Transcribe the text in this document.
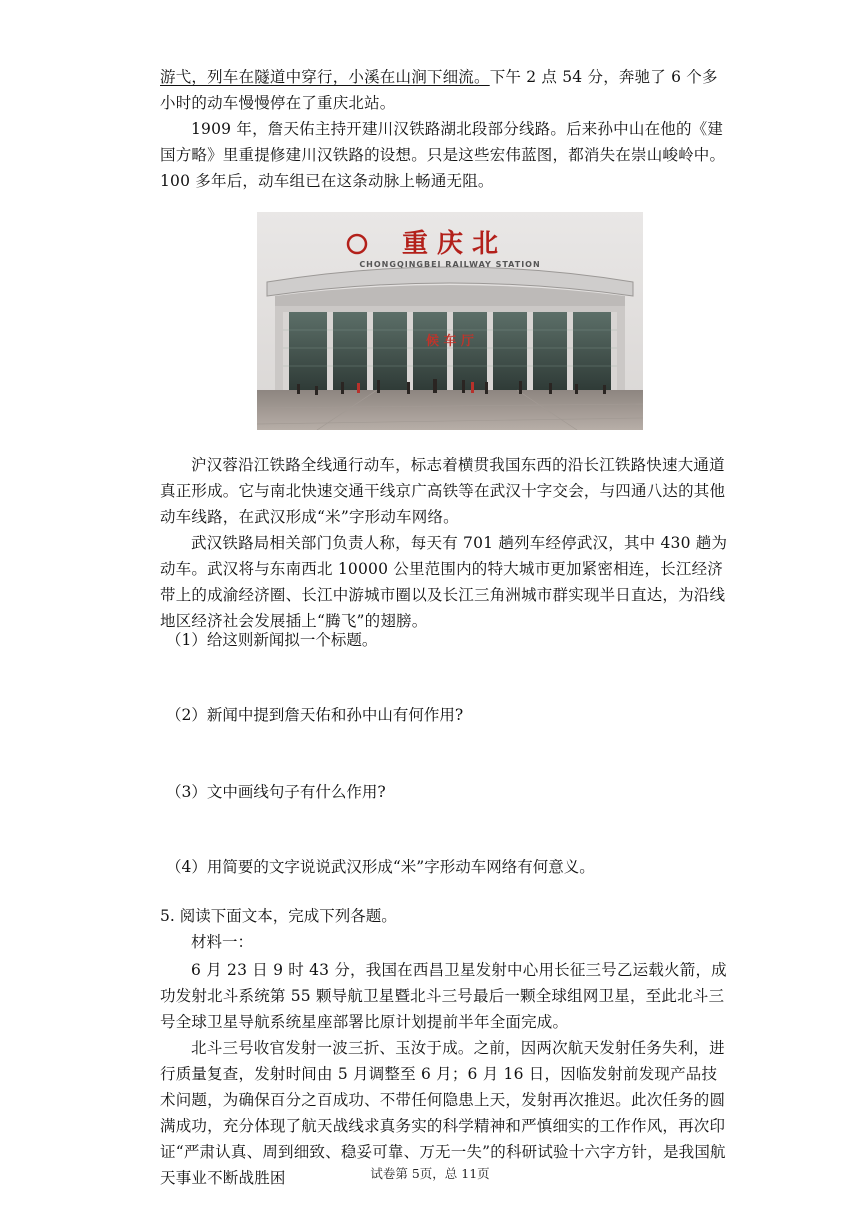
游弋，列车在隧道中穿行，小溪在山涧下细流。下午 2 点 54 分，奔驰了 6 个多小时的动车慢慢停在了重庆北站。

1909 年，詹天佑主持开建川汉铁路湖北段部分线路。后来孙中山在他的《建国方略》里重提修建川汉铁路的设想。只是这些宏伟蓝图，都消失在崇山峻岭中。100 多年后，动车组已在这条动脉上畅通无阻。

重 庆 北
CHONGQINGBEI RAILWAY STATION
候 车 厅

沪汉蓉沿江铁路全线通行动车，标志着横贯我国东西的沿长江铁路快速大通道真正形成。它与南北快速交通干线京广高铁等在武汉十字交会，与四通八达的其他动车线路，在武汉形成“米”字形动车网络。

武汉铁路局相关部门负责人称，每天有 701 趟列车经停武汉，其中 430 趟为动车。武汉将与东南西北 10000 公里范围内的特大城市更加紧密相连，长江经济带上的成渝经济圈、长江中游城市圈以及长江三角洲城市群实现半日直达，为沿线地区经济社会发展插上“腾飞”的翅膀。

（1）给这则新闻拟一个标题。

（2）新闻中提到詹天佑和孙中山有何作用?

（3）文中画线句子有什么作用?

（4）用简要的文字说说武汉形成“米”字形动车网络有何意义。

5. 阅读下面文本，完成下列各题。

材料一：

6 月 23 日 9 时 43 分，我国在西昌卫星发射中心用长征三号乙运载火箭，成功发射北斗系统第 55 颗导航卫星暨北斗三号最后一颗全球组网卫星，至此北斗三号全球卫星导航系统星座部署比原计划提前半年全面完成。

北斗三号收官发射一波三折、玉汝于成。之前，因两次航天发射任务失利，进行质量复查，发射时间由 5 月调整至 6 月；6 月 16 日，因临发射前发现产品技术问题，为确保百分之百成功、不带任何隐患上天，发射再次推迟。此次任务的圆满成功，充分体现了航天战线求真务实的科学精神和严慎细实的工作作风，再次印证“严肃认真、周到细致、稳妥可靠、万无一失”的科研试验十六字方针，是我国航天事业不断战胜困	试卷第 5页，总 11页
